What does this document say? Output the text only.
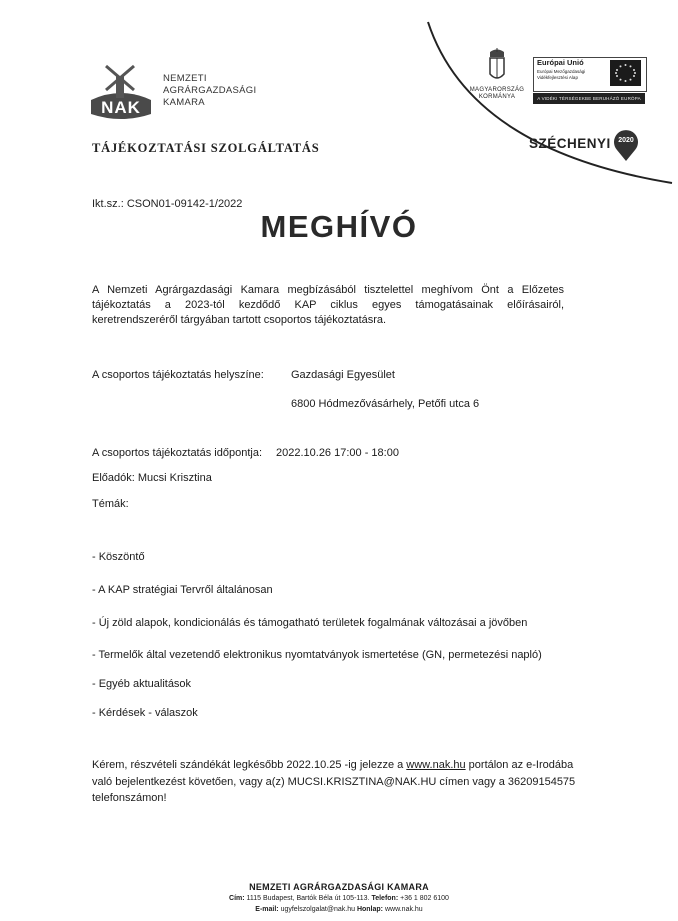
NAK
NEMZETI
AGRÁRGAZDASÁGI
KAMARA
TÁJÉKOZTATÁSI SZOLGÁLTATÁS
MAGYARORSZÁG
KORMÁNYA
Európai Unió
Európai Mezőgazdasági Vidékfejlesztési Alap
A VIDÉKI TÉRSÉGEKBE BERUHÁZÓ EURÓPA
SZÉCHENYI	2020
Ikt.sz.: CSON01-09142-1/2022
MEGHÍVÓ
A Nemzeti Agrárgazdasági Kamara megbízásából tisztelettel meghívom Önt a Előzetes tájékoztatás a 2023-tól kezdődő KAP ciklus egyes támogatásainak előírásairól, keretrendszeréről tárgyában tartott csoportos tájékoztatásra.
A csoportos tájékoztatás helyszíne: Gazdasági Egyesület
6800 Hódmezővásárhely, Petőfi utca 6
A csoportos tájékoztatás időpontja: 2022.10.26 17:00 - 18:00
Előadók: Mucsi Krisztina
Témák:
- Köszöntő
- A KAP stratégiai Tervről általánosan
- Új zöld alapok, kondicionálás és támogatható területek fogalmának változásai a jövőben
- Termelők által vezetendő elektronikus nyomtatványok ismertetése (GN, permetezési napló)
- Egyéb aktualitások
- Kérdések - válaszok
Kérem, részvételi szándékát legkésőbb 2022.10.25 -ig jelezze a www.nak.hu portálon az e-Irodába
való bejelentkezést követően, vagy a(z) MUCSI.KRISZTINA@NAK.HU címen vagy a 36209154575
telefonszámon!
NEMZETI AGRÁRGAZDASÁGI KAMARA
Cím: 1115 Budapest, Bartók Béla út 105-113. Telefon: +36 1 802 6100
E-mail: ugyfelszolgalat@nak.hu Honlap: www.nak.hu
